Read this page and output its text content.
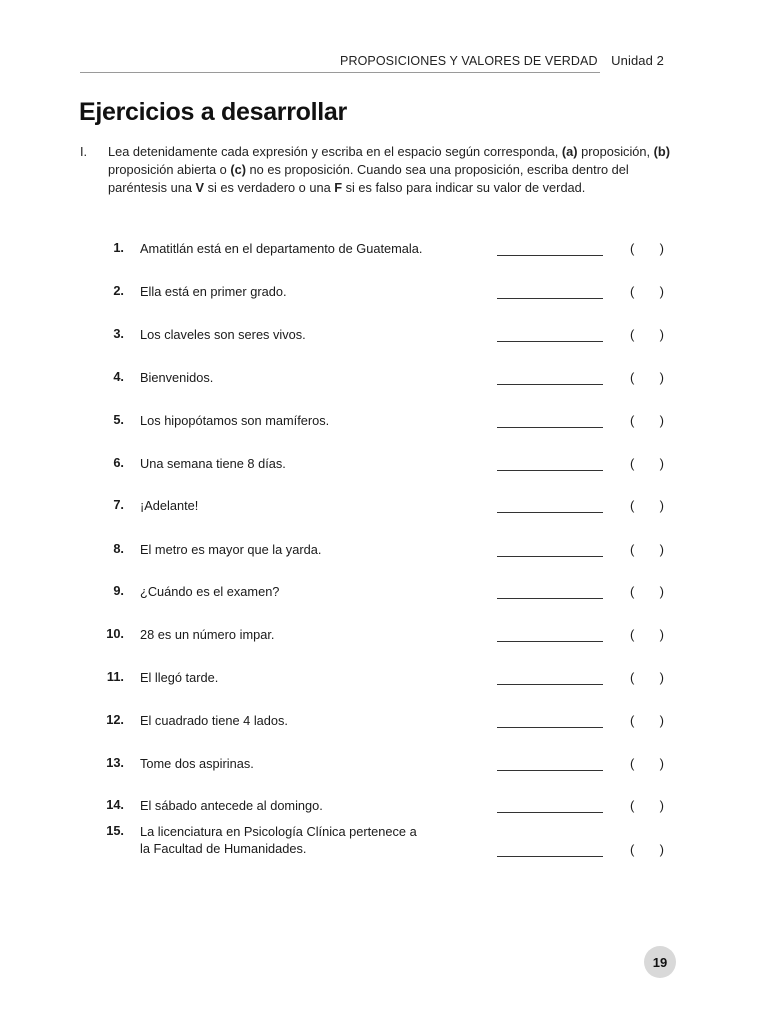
PROPOSICIONES Y VALORES DE VERDAD Unidad 2
Ejercicios a desarrollar
I. Lea detenidamente cada expresión y escriba en el espacio según corresponda, (a) proposición, (b) proposición abierta o (c) no es proposición. Cuando sea una proposición, escriba dentro del paréntesis una V si es verdadero o una F si es falso para indicar su valor de verdad.
1. Amatitlán está en el departamento de Guatemala.	( )
2. Ella está en primer grado.	( )
3. Los claveles son seres vivos.	( )
4. Bienvenidos.	( )
5. Los hipopótamos son mamíferos.	( )
6. Una semana tiene 8 días.	( )
7. ¡Adelante!	( )
8. El metro es mayor que la yarda.	( )
9. ¿Cuándo es el examen?	( )
10. 28 es un número impar.	( )
11. El llegó tarde.	( )
12. El cuadrado tiene 4 lados.	( )
13. Tome dos aspirinas.	( )
14. El sábado antecede al domingo.	( )
15. La licenciatura en Psicología Clínica pertenece a la Facultad de Humanidades.	( )
19
